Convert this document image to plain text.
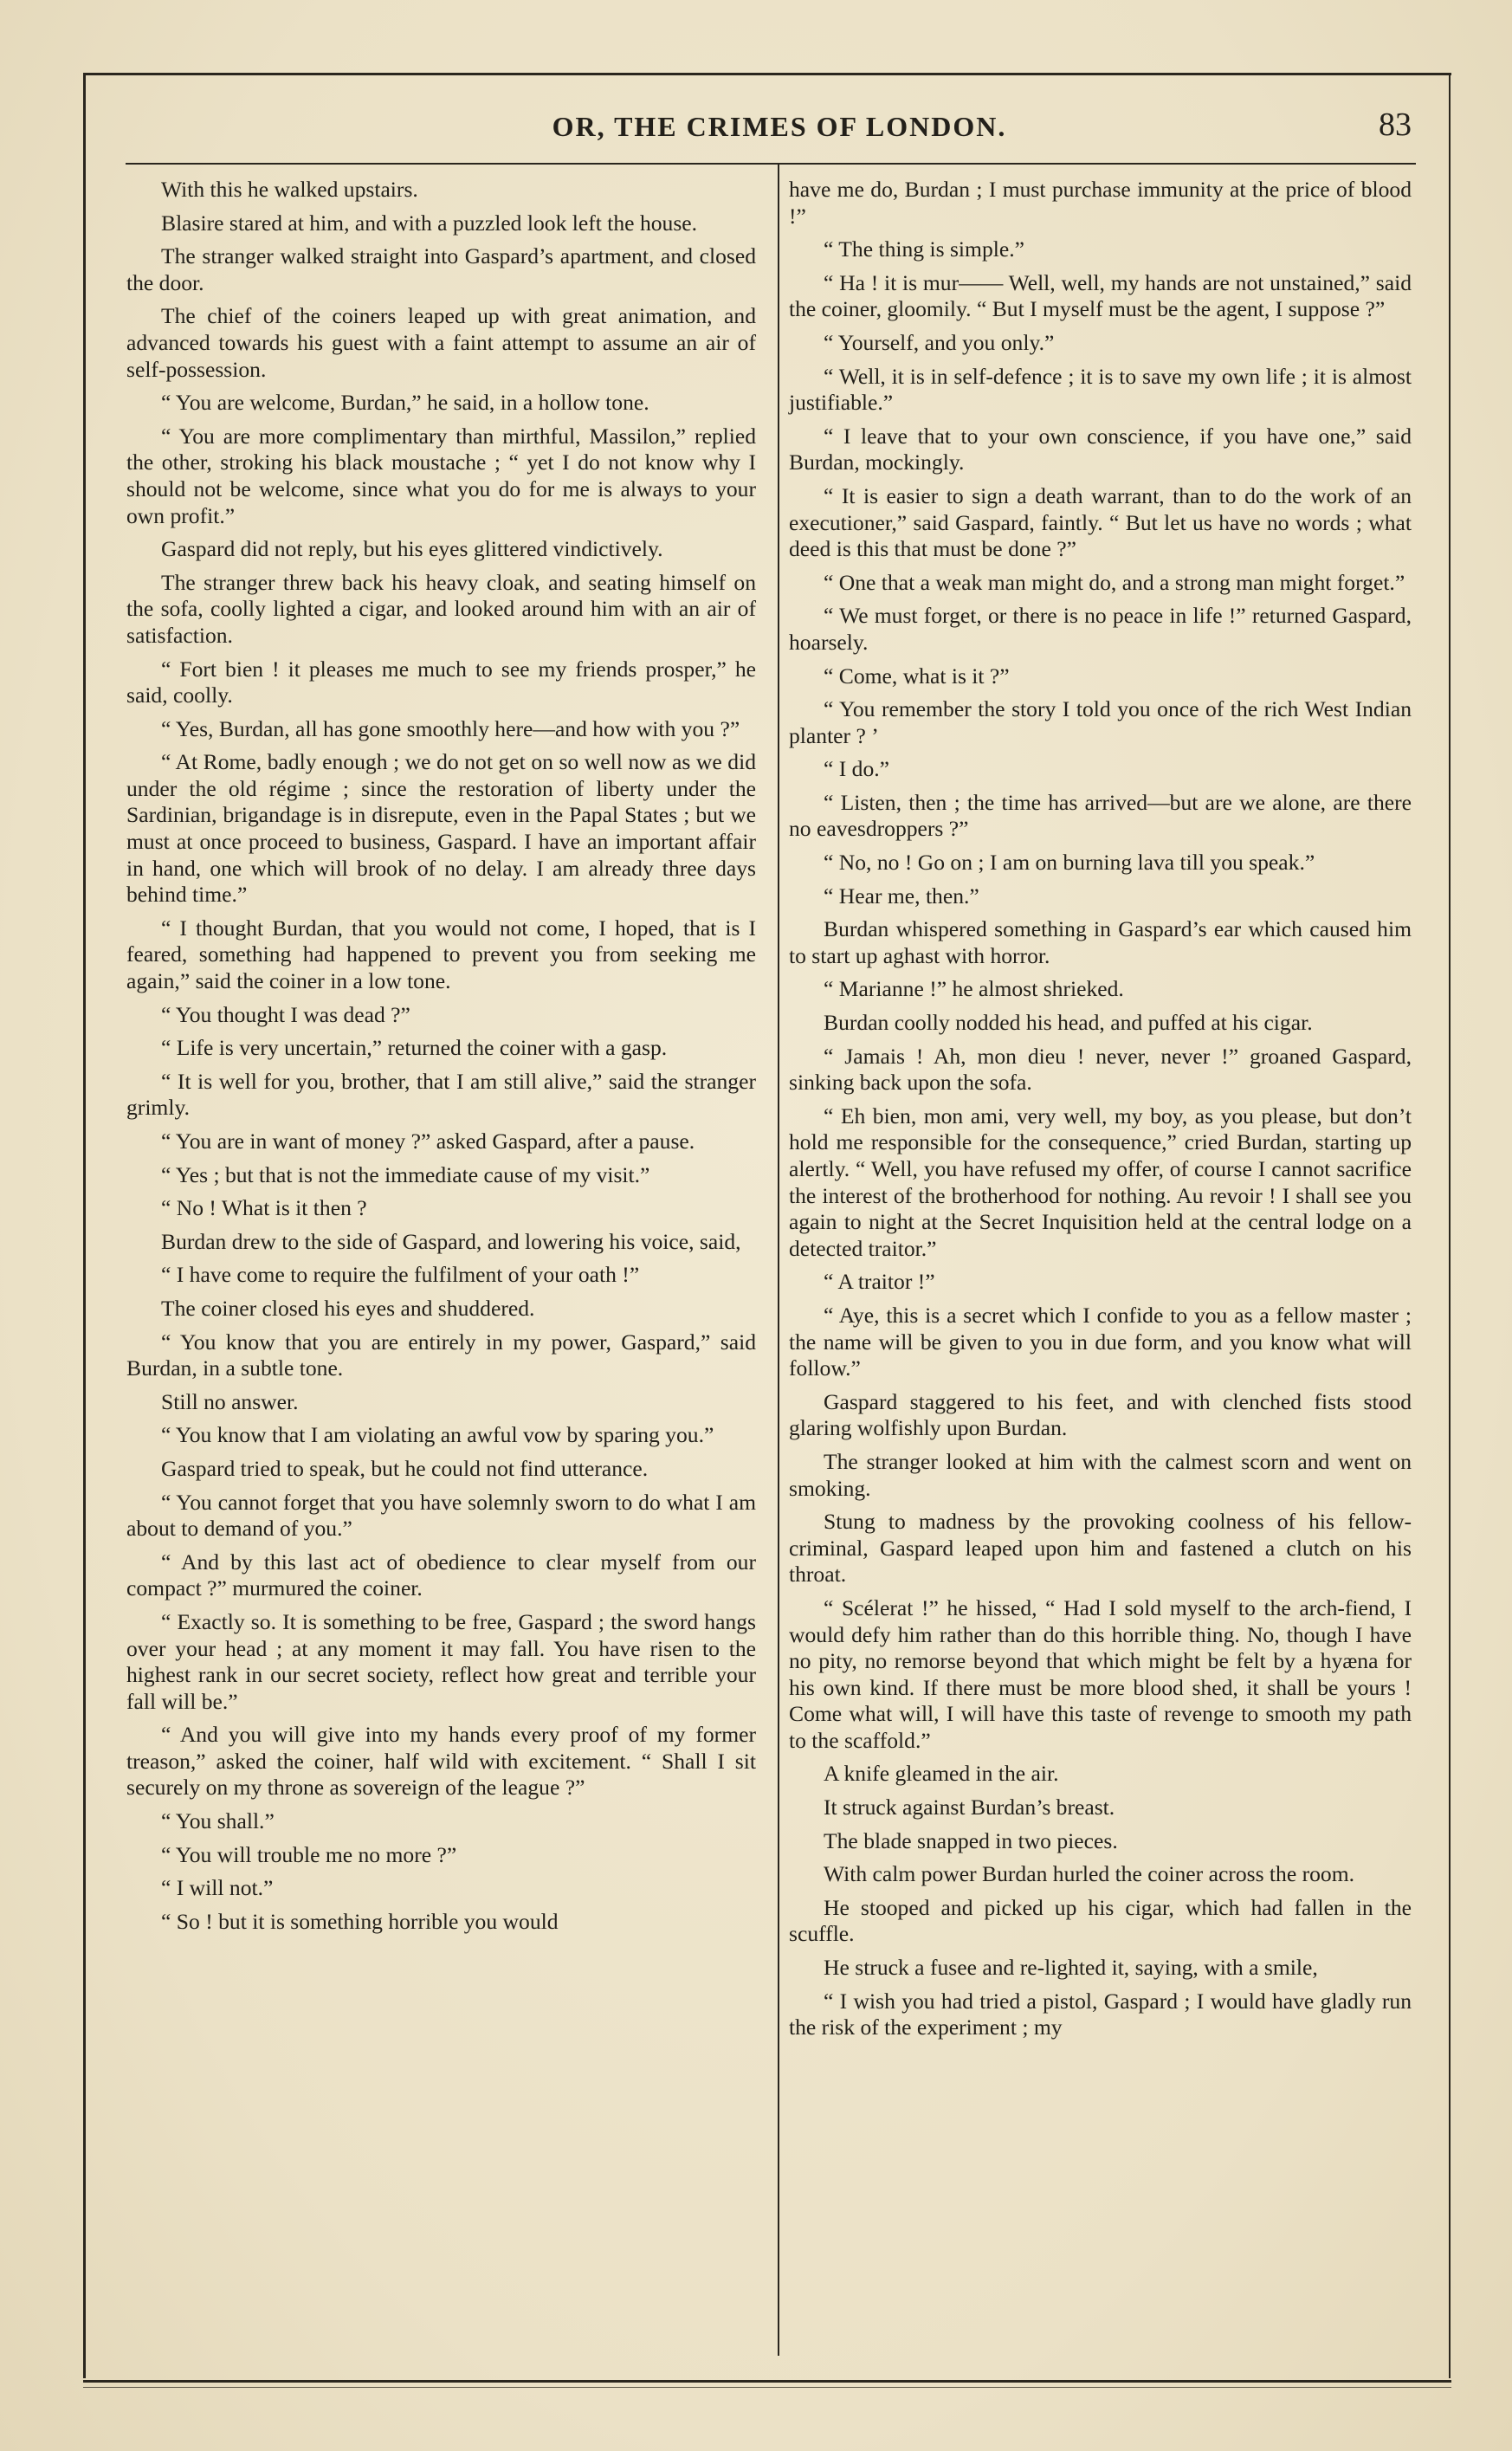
OR, THE CRIMES OF LONDON.	83

With this he walked upstairs.

Blasire stared at him, and with a puzzled look left the house.

The stranger walked straight into Gaspard’s apartment, and closed the door.

The chief of the coiners leaped up with great animation, and advanced towards his guest with a faint attempt to assume an air of self-possession.

“ You are welcome, Burdan,” he said, in a hollow tone.

“ You are more complimentary than mirthful, Massilon,” replied the other, stroking his black moustache ; “ yet I do not know why I should not be welcome, since what you do for me is always to your own profit.”

Gaspard did not reply, but his eyes glittered vindictively.

The stranger threw back his heavy cloak, and seating himself on the sofa, coolly lighted a cigar, and looked around him with an air of satisfaction.

“ Fort bien ! it pleases me much to see my friends prosper,” he said, coolly.

“ Yes, Burdan, all has gone smoothly here—and how with you ?”

“ At Rome, badly enough ; we do not get on so well now as we did under the old régime ; since the restoration of liberty under the Sardinian, brigandage is in disrepute, even in the Papal States ; but we must at once proceed to business, Gaspard. I have an important affair in hand, one which will brook of no delay. I am already three days behind time.”

“ I thought Burdan, that you would not come, I hoped, that is I feared, something had happened to prevent you from seeking me again,” said the coiner in a low tone.

“ You thought I was dead ?”

“ Life is very uncertain,” returned the coiner with a gasp.

“ It is well for you, brother, that I am still alive,” said the stranger grimly.

“ You are in want of money ?” asked Gaspard, after a pause.

“ Yes ; but that is not the immediate cause of my visit.”

“ No ! What is it then ?

Burdan drew to the side of Gaspard, and lowering his voice, said,

“ I have come to require the fulfilment of your oath !”

The coiner closed his eyes and shuddered.

“ You know that you are entirely in my power, Gaspard,” said Burdan, in a subtle tone.

Still no answer.

“ You know that I am violating an awful vow by sparing you.”

Gaspard tried to speak, but he could not find utterance.

“ You cannot forget that you have solemnly sworn to do what I am about to demand of you.”

“ And by this last act of obedience to clear myself from our compact ?” murmured the coiner.

“ Exactly so. It is something to be free, Gaspard ; the sword hangs over your head ; at any moment it may fall. You have risen to the highest rank in our secret society, reflect how great and terrible your fall will be.”

“ And you will give into my hands every proof of my former treason,” asked the coiner, half wild with excitement. “ Shall I sit securely on my throne as sovereign of the league ?”

“ You shall.”

“ You will trouble me no more ?”

“ I will not.”

“ So ! but it is something horrible you would

have me do, Burdan ; I must purchase immunity at the price of blood !”

“ The thing is simple.”

“ Ha ! it is mur—— Well, well, my hands are not unstained,” said the coiner, gloomily. “ But I myself must be the agent, I suppose ?”

“ Yourself, and you only.”

“ Well, it is in self-defence ; it is to save my own life ; it is almost justifiable.”

“ I leave that to your own conscience, if you have one,” said Burdan, mockingly.

“ It is easier to sign a death warrant, than to do the work of an executioner,” said Gaspard, faintly. “ But let us have no words ; what deed is this that must be done ?”

“ One that a weak man might do, and a strong man might forget.”

“ We must forget, or there is no peace in life !” returned Gaspard, hoarsely.

“ Come, what is it ?”

“ You remember the story I told you once of the rich West Indian planter ? ’

“ I do.”

“ Listen, then ; the time has arrived—but are we alone, are there no eavesdroppers ?”

“ No, no ! Go on ; I am on burning lava till you speak.”

“ Hear me, then.”

Burdan whispered something in Gaspard’s ear which caused him to start up aghast with horror.

“ Marianne !” he almost shrieked.

Burdan coolly nodded his head, and puffed at his cigar.

“ Jamais ! Ah, mon dieu ! never, never !” groaned Gaspard, sinking back upon the sofa.

“ Eh bien, mon ami, very well, my boy, as you please, but don’t hold me responsible for the consequence,” cried Burdan, starting up alertly. “ Well, you have refused my offer, of course I cannot sacrifice the interest of the brotherhood for nothing. Au revoir ! I shall see you again to night at the Secret Inquisition held at the central lodge on a detected traitor.”

“ A traitor !”

“ Aye, this is a secret which I confide to you as a fellow master ; the name will be given to you in due form, and you know what will follow.”

Gaspard staggered to his feet, and with clenched fists stood glaring wolfishly upon Burdan.

The stranger looked at him with the calmest scorn and went on smoking.

Stung to madness by the provoking coolness of his fellow-criminal, Gaspard leaped upon him and fastened a clutch on his throat.

“ Scélerat !” he hissed, “ Had I sold myself to the arch-fiend, I would defy him rather than do this horrible thing. No, though I have no pity, no remorse beyond that which might be felt by a hyæna for his own kind. If there must be more blood shed, it shall be yours ! Come what will, I will have this taste of revenge to smooth my path to the scaffold.”

A knife gleamed in the air.

It struck against Burdan’s breast.

The blade snapped in two pieces.

With calm power Burdan hurled the coiner across the room.

He stooped and picked up his cigar, which had fallen in the scuffle.

He struck a fusee and re-lighted it, saying, with a smile,

“ I wish you had tried a pistol, Gaspard ; I would have gladly run the risk of the experiment ; my
